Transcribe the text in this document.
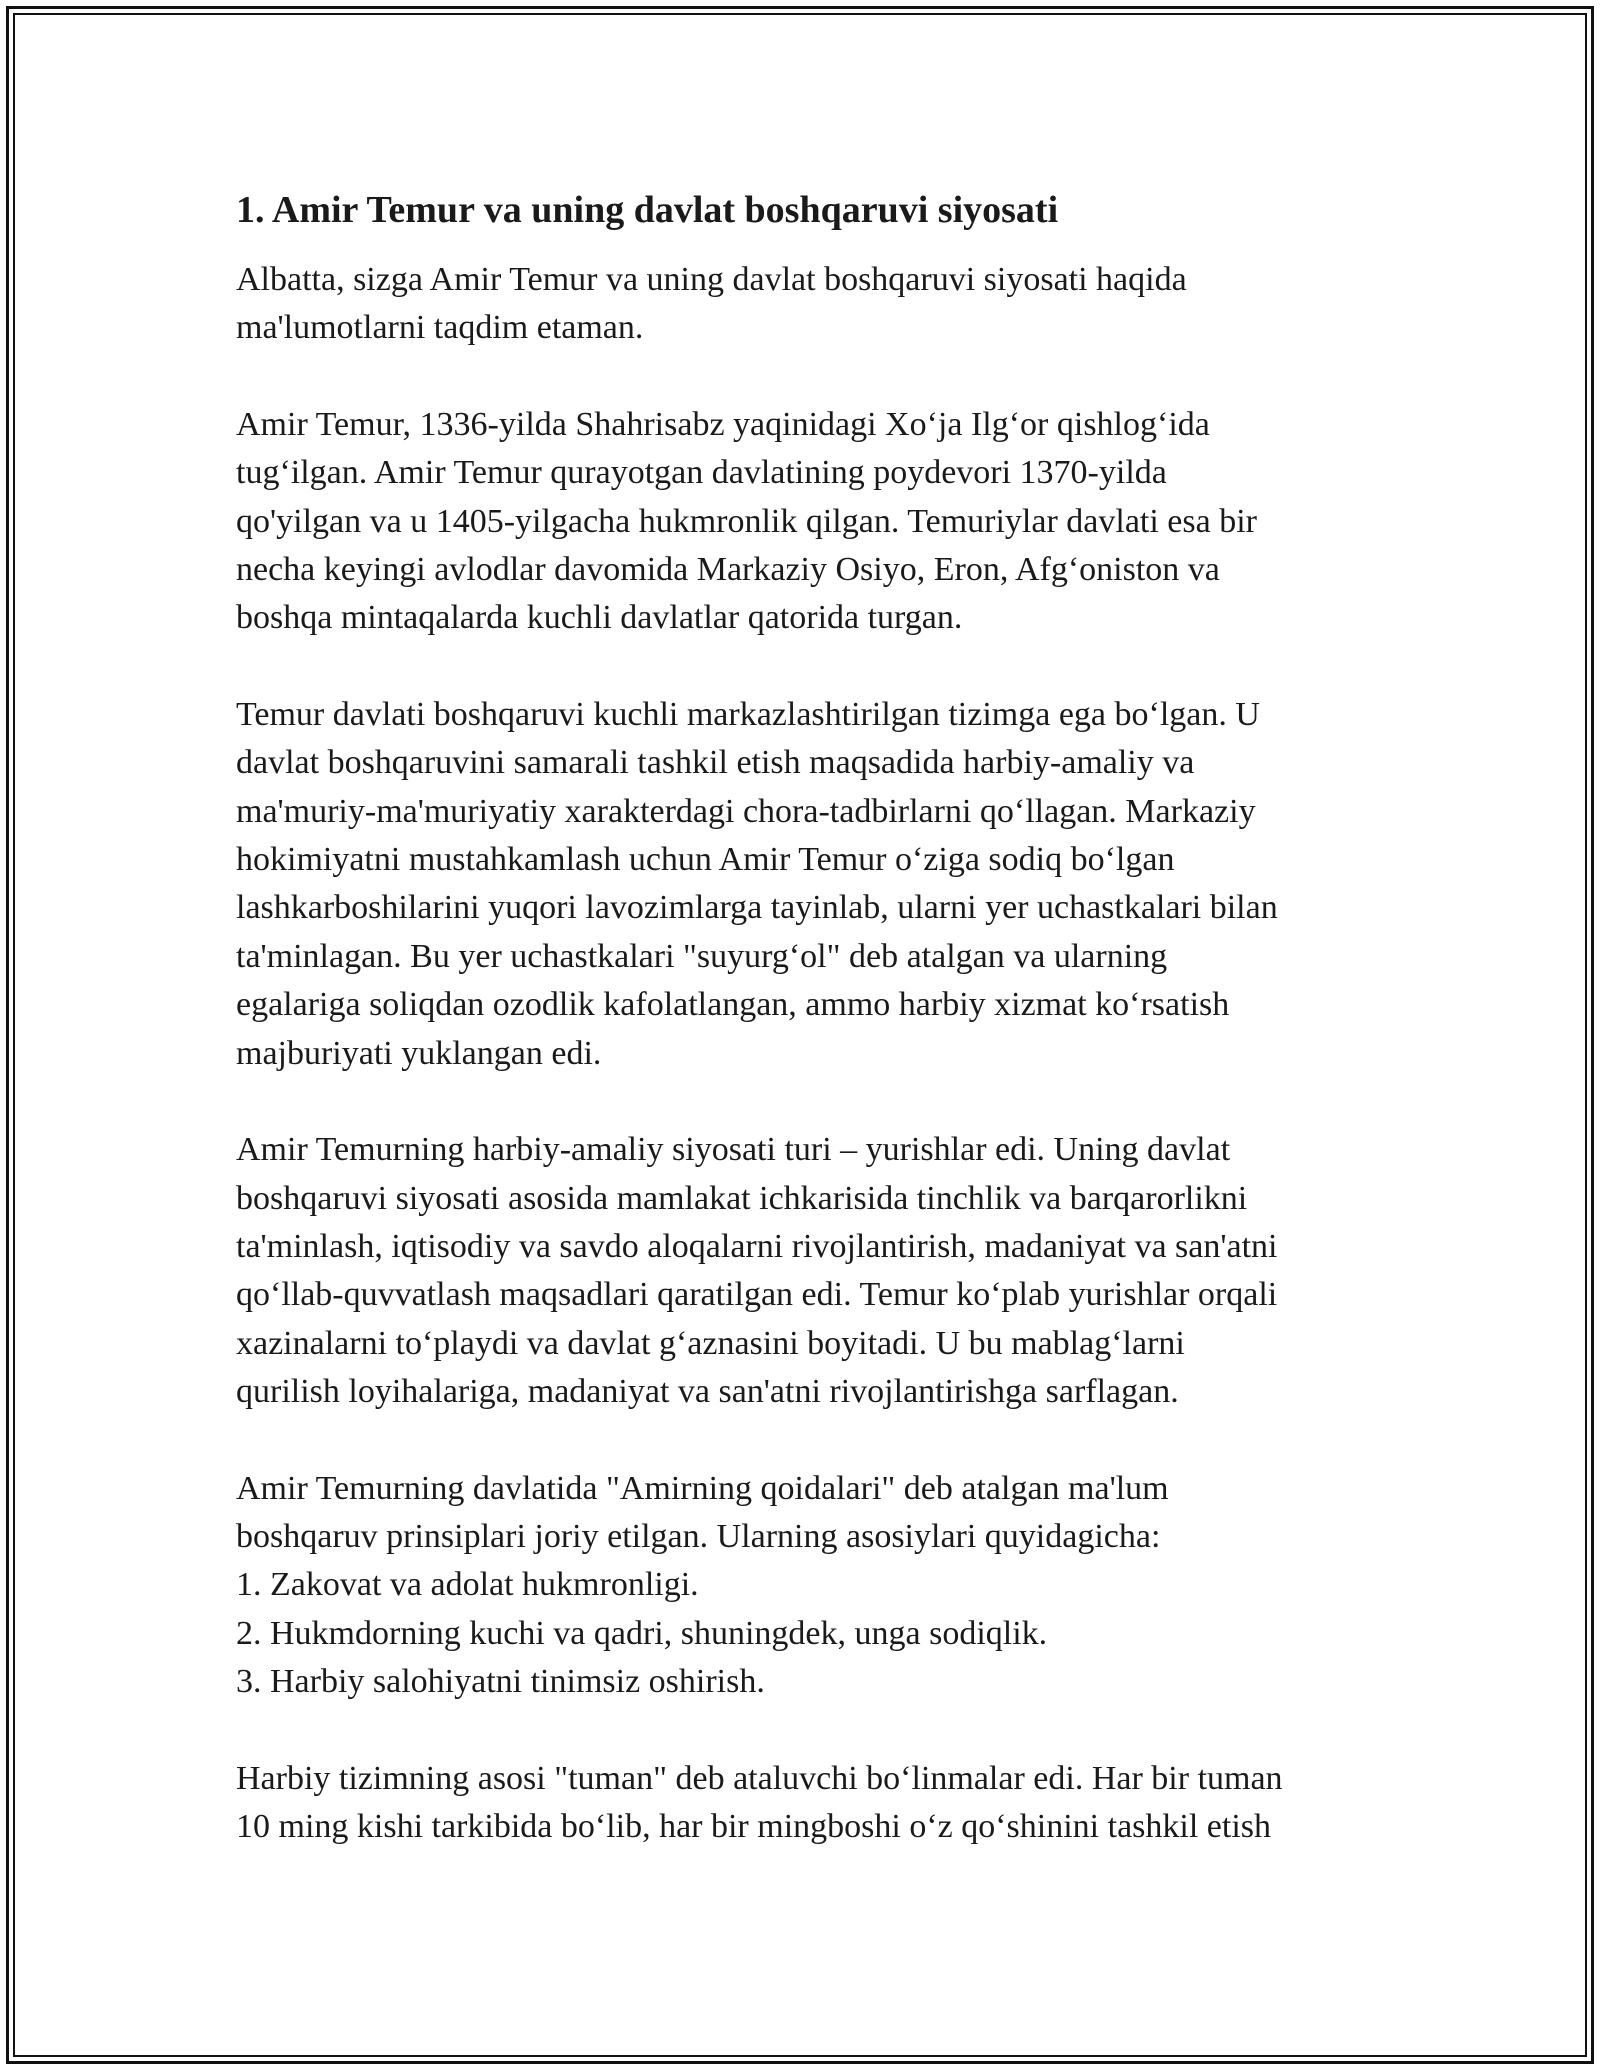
1. Amir Temur va uning davlat boshqaruvi siyosati

Albatta, sizga Amir Temur va uning davlat boshqaruvi siyosati haqida
ma'lumotlarni taqdim etaman.

Amir Temur, 1336-yilda Shahrisabz yaqinidagi Xoʻja Ilgʻor qishlogʻida
tugʻilgan. Amir Temur qurayotgan davlatining poydevori 1370-yilda
qo'yilgan va u 1405-yilgacha hukmronlik qilgan. Temuriylar davlati esa bir
necha keyingi avlodlar davomida Markaziy Osiyo, Eron, Afgʻoniston va
boshqa mintaqalarda kuchli davlatlar qatorida turgan.

Temur davlati boshqaruvi kuchli markazlashtirilgan tizimga ega boʻlgan. U
davlat boshqaruvini samarali tashkil etish maqsadida harbiy-amaliy va
ma'muriy-ma'muriyatiy xarakterdagi chora-tadbirlarni qoʻllagan. Markaziy
hokimiyatni mustahkamlash uchun Amir Temur oʻziga sodiq boʻlgan
lashkarboshilarini yuqori lavozimlarga tayinlab, ularni yer uchastkalari bilan
ta'minlagan. Bu yer uchastkalari "suyurgʻol" deb atalgan va ularning
egalariga soliqdan ozodlik kafolatlangan, ammo harbiy xizmat koʻrsatish
majburiyati yuklangan edi.

Amir Temurning harbiy-amaliy siyosati turi – yurishlar edi. Uning davlat
boshqaruvi siyosati asosida mamlakat ichkarisida tinchlik va barqarorlikni
ta'minlash, iqtisodiy va savdo aloqalarni rivojlantirish, madaniyat va san'atni
qoʻllab-quvvatlash maqsadlari qaratilgan edi. Temur koʻplab yurishlar orqali
xazinalarni toʻplaydi va davlat gʻaznasini boyitadi. U bu mablagʻlarni
qurilish loyihalariga, madaniyat va san'atni rivojlantirishga sarflagan.

Amir Temurning davlatida "Amirning qoidalari" deb atalgan ma'lum
boshqaruv prinsiplari joriy etilgan. Ularning asosiylari quyidagicha:
1. Zakovat va adolat hukmronligi.
2. Hukmdorning kuchi va qadri, shuningdek, unga sodiqlik.
3. Harbiy salohiyatni tinimsiz oshirish.

Harbiy tizimning asosi "tuman" deb ataluvchi boʻlinmalar edi. Har bir tuman
10 ming kishi tarkibida boʻlib, har bir mingboshi oʻz qoʻshinini tashkil etish
